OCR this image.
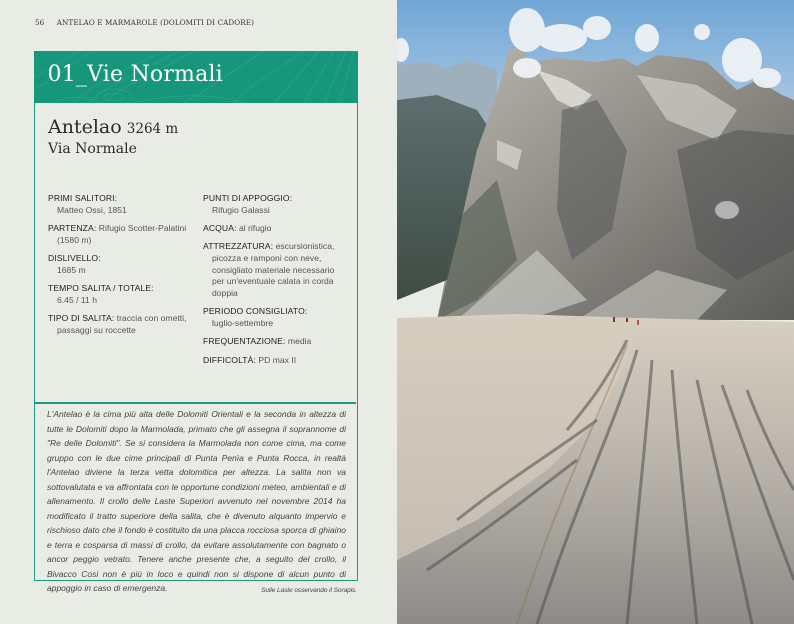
56 ANTELAO E MARMAROLE (DOLOMITI DI CADORE)
01_Vie Normali
Antelao 3264 m
Via Normale
PRIMI SALITORI:
Matteo Ossi, 1851
PARTENZA: Rifugio Scotter-Palatini (1580 m)
DISLIVELLO:
1685 m
TEMPO SALITA / TOTALE:
6.45 / 11 h
TIPO DI SALITA: traccia con ometti, passaggi su roccette
PUNTI DI APPOGGIO:
Rifugio Galassi
ACQUA: al rifugio
ATTREZZATURA: escursionistica, picozza e ramponi con neve, consigliato materiale necessario per un'eventuale calata in corda doppia
PERIODO CONSIGLIATO:
luglio-settembre
FREQUENTAZIONE: media
DIFFICOLTÀ: PD max II

L'Antelao è la cima più alta delle Dolomiti Orientali e la seconda in altezza di tutte le Dolomiti dopo la Marmolada, primato che gli assegna il soprannome di "Re delle Dolomiti". Se si considera la Marmolada non come cima, ma come gruppo con le due cime principali di Punta Penìa e Punta Rocca, in realtà l'Antelao diviene la terza vetta dolomitica per altezza. La salita non va sottovalutata e va affrontata con le opportune condizioni meteo, ambientali e di allenamento. Il crollo delle Laste Superiori avvenuto nel novembre 2014 ha modificato il tratto superiore della salita, che è divenuto alquanto impervio e rischioso dato che il fondo è costituito da una placca rocciosa sporca di ghiaino e terra e cosparsa di massi di crollo, da evitare assolutamente con bagnato o ancor peggio vetrato. Tenere anche presente che, a seguito del crollo, il Bivacco Cosi non è più in loco e quindi non si dispone di alcun punto di appoggio in caso di emergenza.	Sulle Laste osservando il Sorapis.
